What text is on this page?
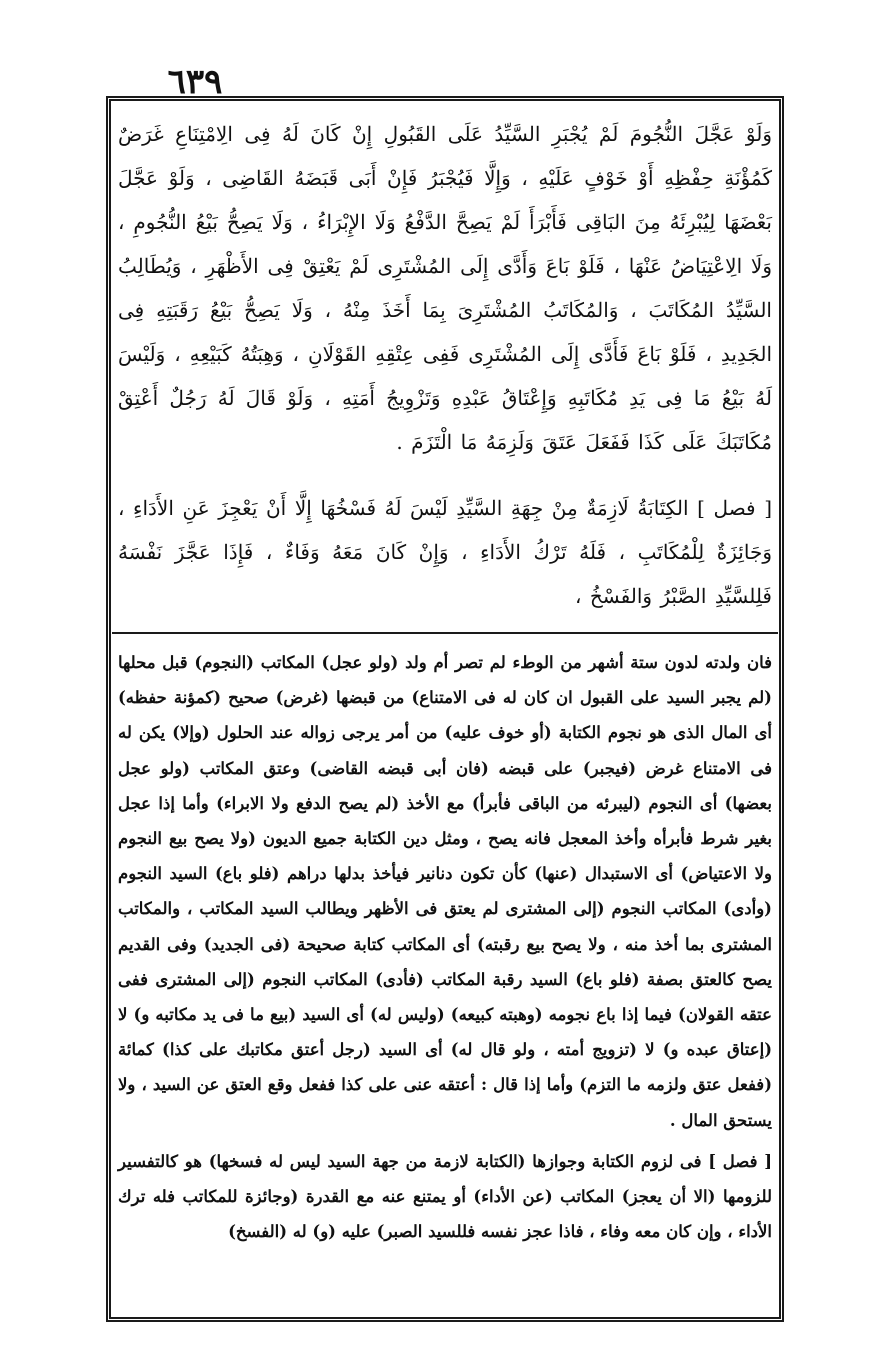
٦٣٩
وَلَوْ عَجَّلَ النُّجُومَ لَمْ يُجْبَرِ السَّيِّدُ عَلَى القَبُولِ إِنْ كَانَ لَهُ فِى الِامْتِنَاعِ غَرَضٌ كَمُؤْنَةِ حِفْظِهِ أَوْ خَوْفٍ عَلَيْهِ ، وَإِلَّا فَيُجْبَرُ فَإِنْ أَبَى قَبَضَهُ القَاضِى ، وَلَوْ عَجَّلَ بَعْضَهَا لِيُبْرِئَهُ مِنَ البَاقِى فَأَبْرَأَ لَمْ يَصِحَّ الدَّفْعُ وَلَا الإِبْرَاءُ ، وَلَا يَصِحُّ بَيْعُ النُّجُومِ ، وَلَا الِاعْتِيَاضُ عَنْهَا ، فَلَوْ بَاعَ وَأَدَّى إِلَى المُشْتَرِى لَمْ يَعْتِقْ فِى الأَظْهَرِ ، وَيُطَالِبُ السَّيِّدُ المُكَاتَبَ ، وَالمُكَاتَبُ المُشْتَرِىَ بِمَا أَخَذَ مِنْهُ ، وَلَا يَصِحُّ بَيْعُ رَقَبَتِهِ فِى الجَدِيدِ ، فَلَوْ بَاعَ فَأَدَّى إِلَى المُشْتَرِى فَفِى عِتْقِهِ القَوْلَانِ ، وَهِبَتُهُ كَبَيْعِهِ ، وَلَيْسَ لَهُ بَيْعُ مَا فِى يَدِ مُكَاتَبِهِ وَإِعْتَاقُ عَبْدِهِ وَتَزْوِيجُ أَمَتِهِ ، وَلَوْ قَالَ لَهُ رَجُلٌ أَعْتِقْ مُكَاتَبَكَ عَلَى كَذَا فَفَعَلَ عَتَقَ وَلَزِمَهُ مَا الْتَزَمَ .
[ فصل ] الكِتَابَةُ لَازِمَةٌ مِنْ جِهَةِ السَّيِّدِ لَيْسَ لَهُ فَسْخُهَا إِلَّا أَنْ يَعْجِزَ عَنِ الأَدَاءِ ، وَجَائِزَةٌ لِلْمُكَاتَبِ ، فَلَهُ تَرْكُ الأَدَاءِ ، وَإِنْ كَانَ مَعَهُ وَفَاءٌ ، فَإِذَا عَجَّزَ نَفْسَهُ فَلِلسَّيِّدِ الصَّبْرُ وَالفَسْخُ ،

فان ولدته لدون ستة أشهر من الوطء لم تصر أم ولد (ولو عجل) المكاتب (النجوم) قبل محلها (لم يجبر السيد على القبول ان كان له فى الامتناع) من قبضها (غرض) صحيح (كمؤنة حفظه) أى المال الذى هو نجوم الكتابة (أو خوف عليه) من أمر يرجى زواله عند الحلول (وإلا) يكن له فى الامتناع غرض (فيجبر) على قبضه (فان أبى قبضه القاضى) وعتق المكاتب (ولو عجل بعضها) أى النجوم (ليبرئه من الباقى فأبرأ) مع الأخذ (لم يصح الدفع ولا الابراء) وأما إذا عجل بغير شرط فأبرأه وأخذ المعجل فانه يصح ، ومثل دين الكتابة جميع الديون (ولا يصح بيع النجوم ولا الاعتياض) أى الاستبدال (عنها) كأن تكون دنانير فيأخذ بدلها دراهم (فلو باع) السيد النجوم (وأدى) المكاتب النجوم (إلى المشترى لم يعتق فى الأظهر ويطالب السيد المكاتب ، والمكاتب المشترى بما أخذ منه ، ولا يصح بيع رقبته) أى المكاتب كتابة صحيحة (فى الجديد) وفى القديم يصح كالعتق بصفة (فلو باع) السيد رقبة المكاتب (فأدى) المكاتب النجوم (إلى المشترى ففى عتقه القولان) فيما إذا باع نجومه (وهبته كبيعه) (وليس له) أى السيد (بيع ما فى يد مكاتبه و) لا (إعتاق عبده و) لا (تزويج أمته ، ولو قال له) أى السيد (رجل أعتق مكاتبك على كذا) كمائة (ففعل عتق ولزمه ما التزم) وأما إذا قال : أعتقه عنى على كذا ففعل وقع العتق عن السيد ، ولا يستحق المال .

[ فصل ] فى لزوم الكتابة وجوازها (الكتابة لازمة من جهة السيد ليس له فسخها) هو كالتفسير للزومها (الا أن يعجز) المكاتب (عن الأداء) أو يمتنع عنه مع القدرة (وجائزة للمكاتب فله ترك الأداء ، وإن كان معه وفاء ، فاذا عجز نفسه فللسيد الصبر) عليه (و) له (الفسخ)
